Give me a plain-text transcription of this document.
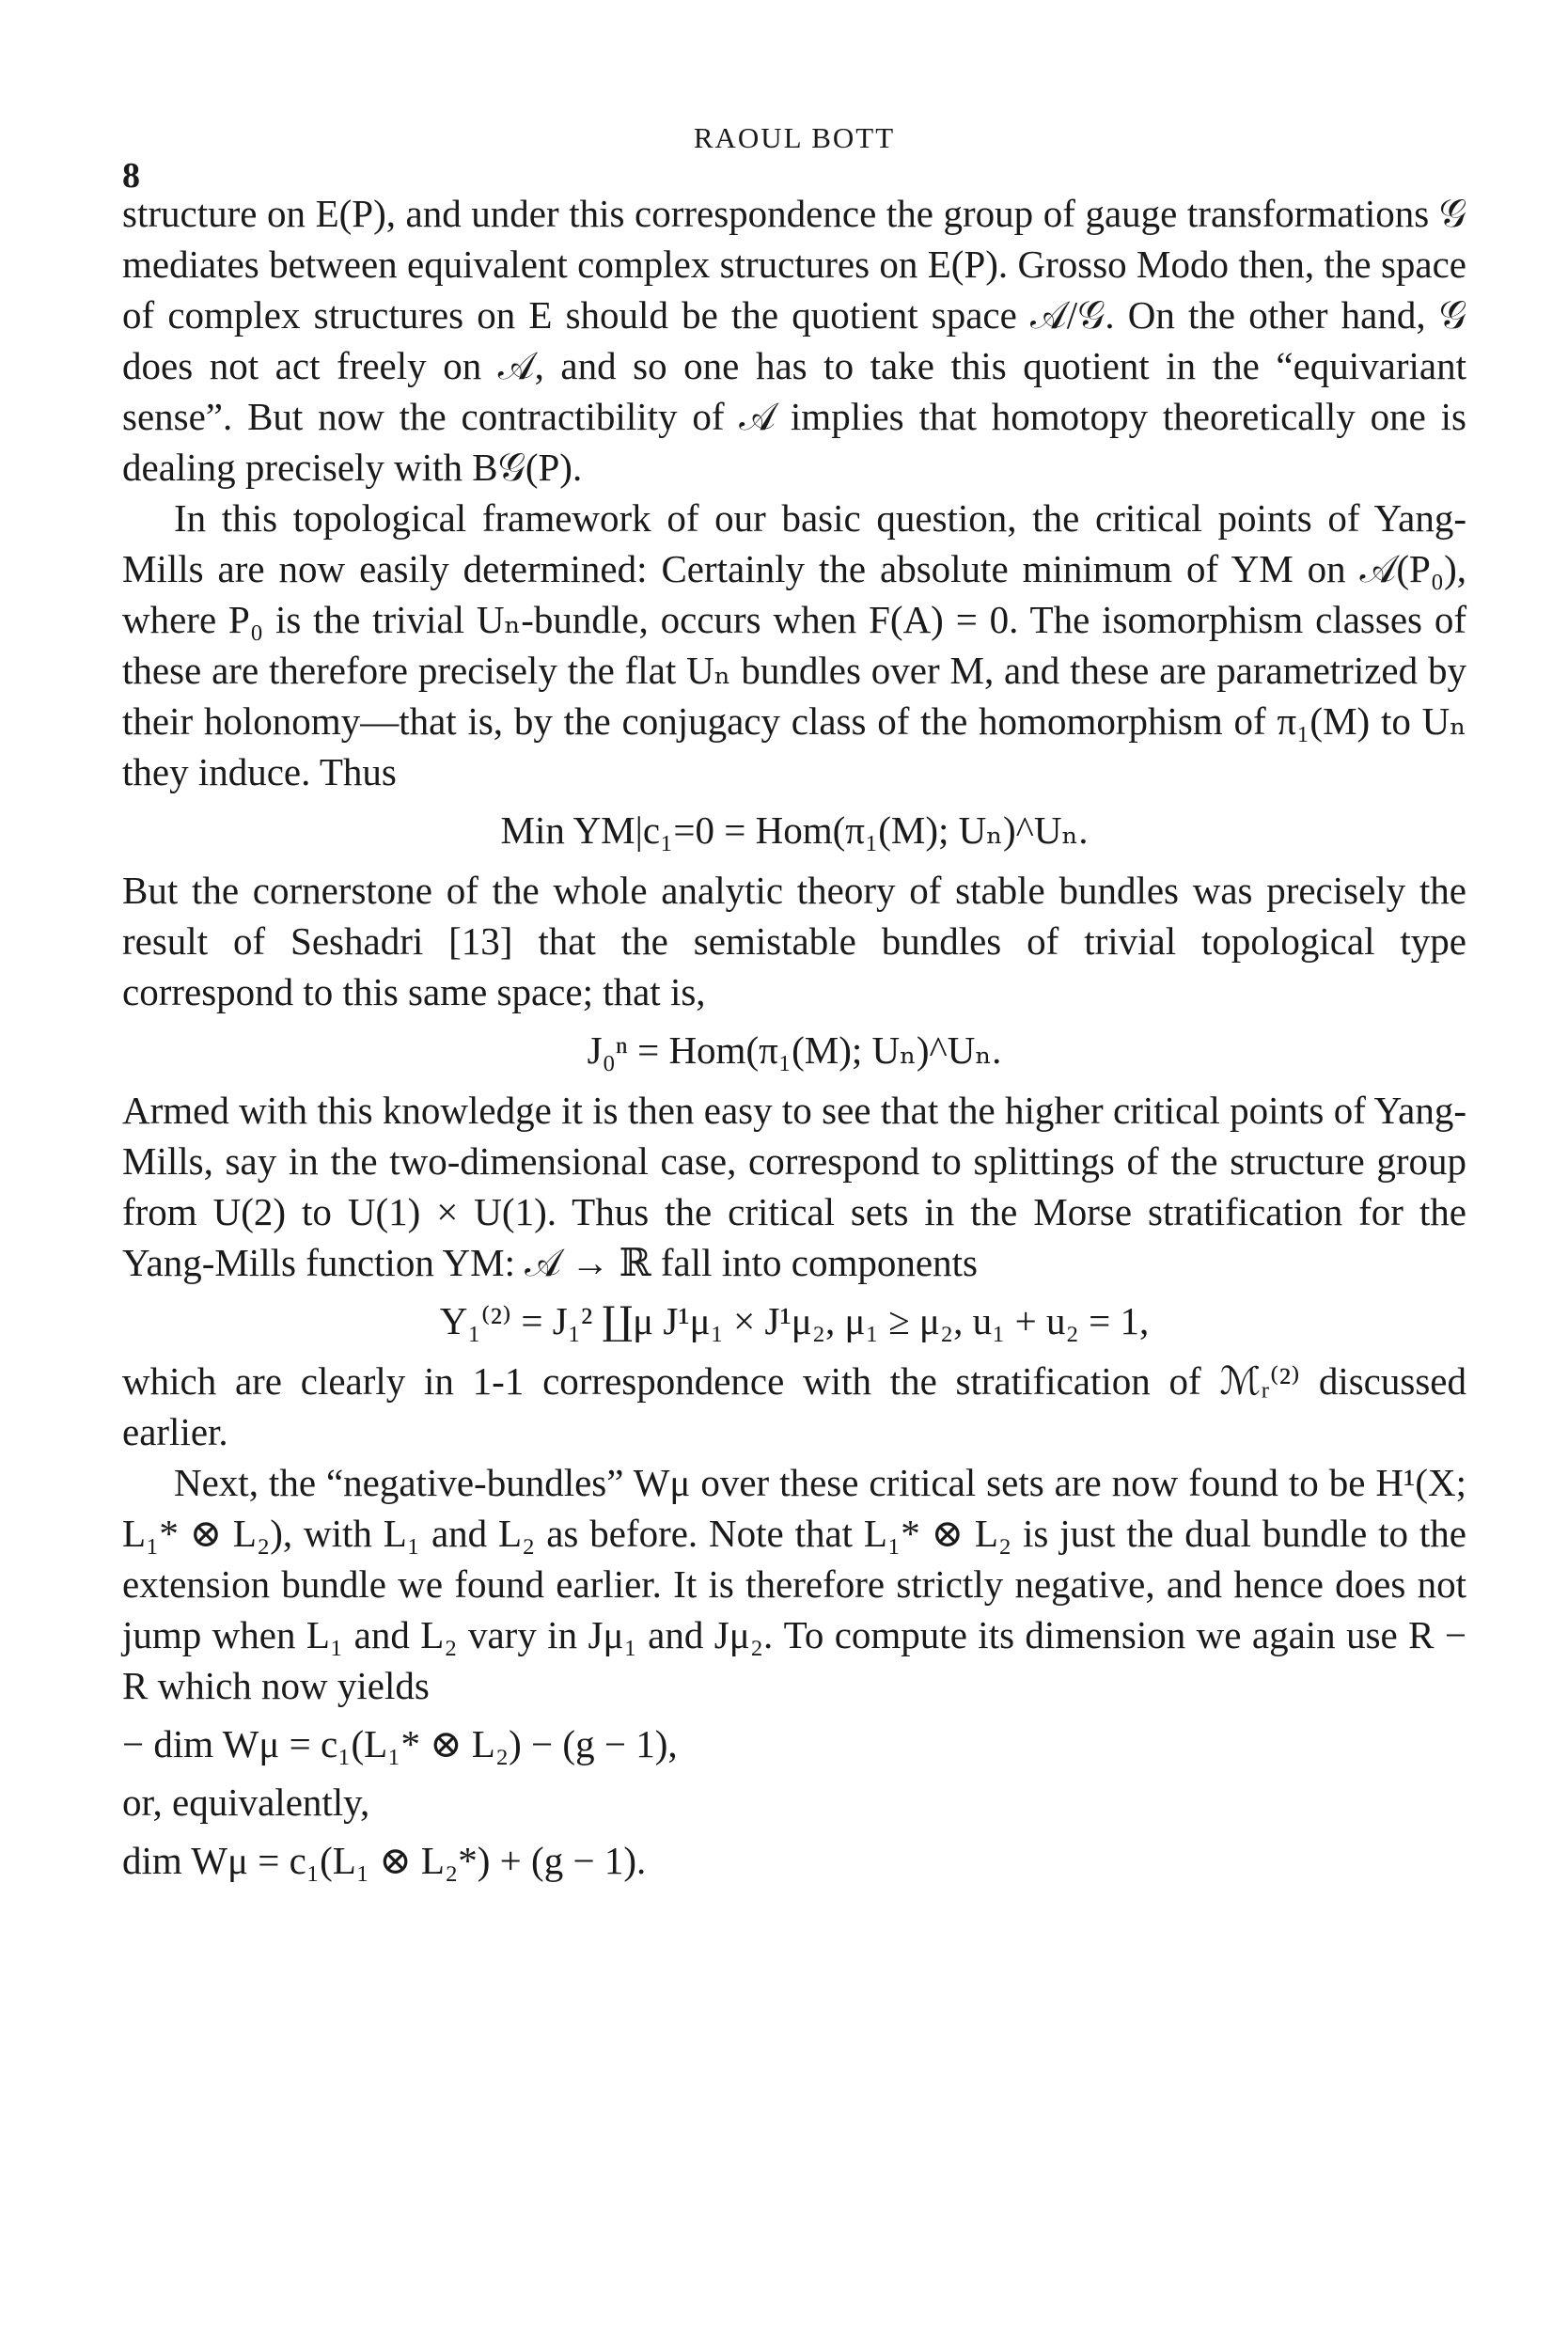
8
RAOUL BOTT

structure on E(P), and under this correspondence the group of gauge transformations 𝒢 mediates between equivalent complex structures on E(P). Grosso Modo then, the space of complex structures on E should be the quotient space 𝒜/𝒢. On the other hand, 𝒢 does not act freely on 𝒜, and so one has to take this quotient in the “equivariant sense”. But now the contractibility of 𝒜 implies that homotopy theoretically one is dealing precisely with B𝒢(P).

In this topological framework of our basic question, the critical points of Yang-Mills are now easily determined: Certainly the absolute minimum of YM on 𝒜(P₀), where P₀ is the trivial Uₙ-bundle, occurs when F(A) = 0. The isomorphism classes of these are therefore precisely the flat Uₙ bundles over M, and these are parametrized by their holonomy—that is, by the conjugacy class of the homomorphism of π₁(M) to Uₙ they induce. Thus

Min YM|c₁=0 = Hom(π₁(M); Uₙ)^Uₙ.

But the cornerstone of the whole analytic theory of stable bundles was precisely the result of Seshadri [13] that the semistable bundles of trivial topological type correspond to this same space; that is,

J₀ⁿ = Hom(π₁(M); Uₙ)^Uₙ.

Armed with this knowledge it is then easy to see that the higher critical points of Yang-Mills, say in the two-dimensional case, correspond to splittings of the structure group from U(2) to U(1) × U(1). Thus the critical sets in the Morse stratification for the Yang-Mills function YM: 𝒜 → ℝ fall into components

Y₁⁽²⁾ = J₁² ∐μ J¹μ₁ × J¹μ₂, μ₁ ≥ μ₂, u₁ + u₂ = 1,

which are clearly in 1-1 correspondence with the stratification of ℳᵣ⁽²⁾ discussed earlier.

Next, the “negative-bundles” Wμ over these critical sets are now found to be H¹(X; L₁* ⊗ L₂), with L₁ and L₂ as before. Note that L₁* ⊗ L₂ is just the dual bundle to the extension bundle we found earlier. It is therefore strictly negative, and hence does not jump when L₁ and L₂ vary in Jμ₁ and Jμ₂. To compute its dimension we again use R − R which now yields

− dim Wμ = c₁(L₁* ⊗ L₂) − (g − 1),

or, equivalently,

dim Wμ = c₁(L₁ ⊗ L₂*) + (g − 1).
